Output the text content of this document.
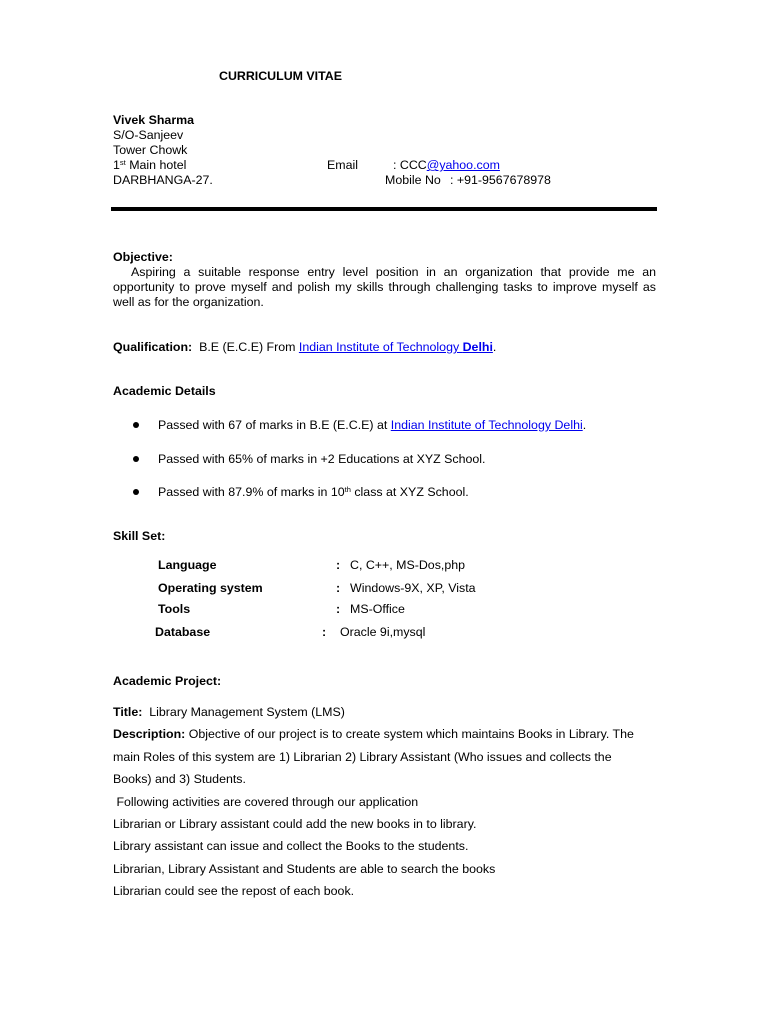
CURRICULUM VITAE
Vivek Sharma
S/O-Sanjeev
Tower Chowk
1st Main hotel
DARBHANGA-27.
Email	: CCC@yahoo.com
Mobile No : +91-9567678978
Objective:
Aspiring a suitable response entry level position in an organization that provide me an opportunity to prove myself and polish my skills through challenging tasks to improve myself as well as for the organization.
Qualification: B.E (E.C.E) From Indian Institute of Technology Delhi.
Academic Details
Passed with 67 of marks in B.E (E.C.E) at Indian Institute of Technology Delhi.
Passed with 65% of marks in +2 Educations at XYZ School.
Passed with 87.9% of marks in 10th class at XYZ School.
Skill Set:
Language	: C, C++, MS-Dos,php
Operating system	: Windows-9X, XP, Vista
Tools	: MS-Office
Database	: Oracle 9i,mysql
Academic Project:
Title: Library Management System (LMS)
Description: Objective of our project is to create system which maintains Books in Library. The
main Roles of this system are 1) Librarian 2) Library Assistant (Who issues and collects the
Books) and 3) Students.
Following activities are covered through our application
Librarian or Library assistant could add the new books in to library.
Library assistant can issue and collect the Books to the students.
Librarian, Library Assistant and Students are able to search the books
Librarian could see the repost of each book.
